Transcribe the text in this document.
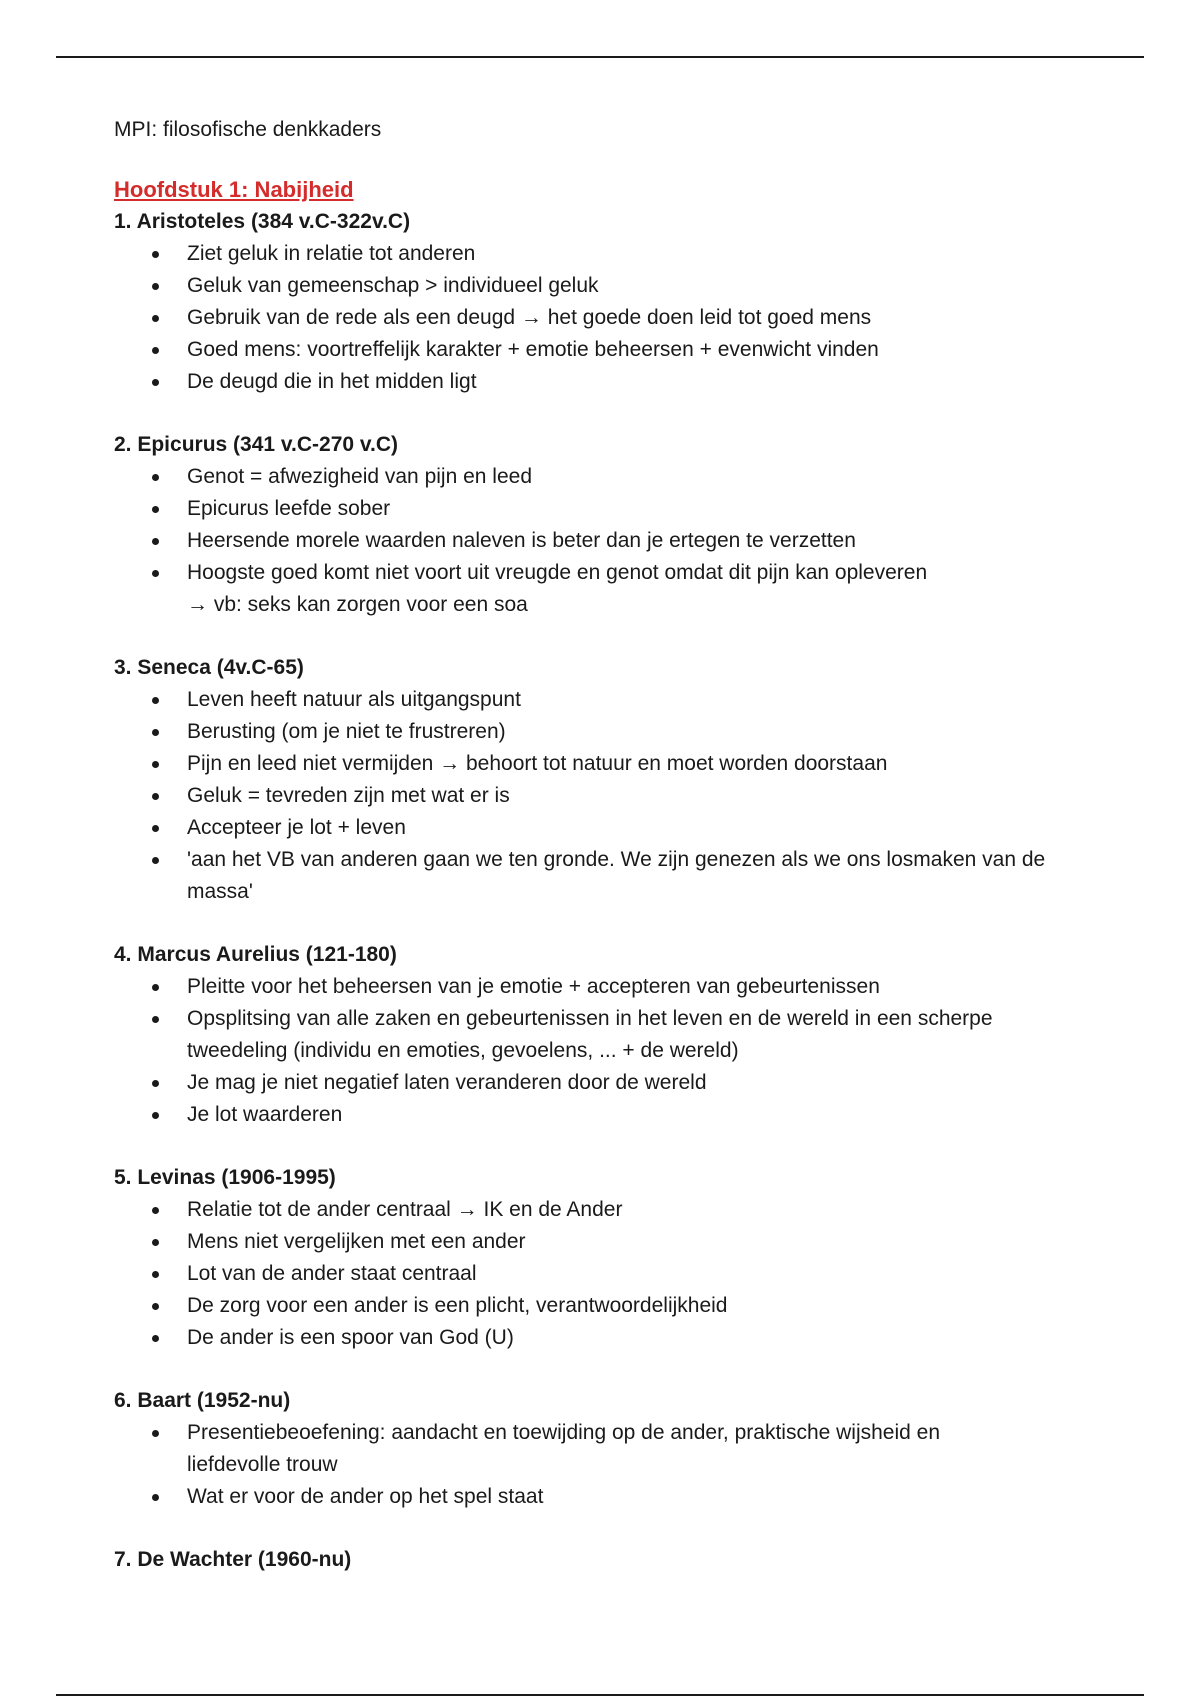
MPI: filosofische denkkaders

Hoofdstuk 1: Nabijheid

1. Aristoteles (384 v.C-322v.C)

Ziet geluk in relatie tot anderen
Geluk van gemeenschap > individueel geluk
Gebruik van de rede als een deugd → het goede doen leid tot goed mens
Goed mens: voortreffelijk karakter + emotie beheersen + evenwicht vinden
De deugd die in het midden ligt

2. Epicurus (341 v.C-270 v.C)

Genot = afwezigheid van pijn en leed
Epicurus leefde sober
Heersende morele waarden naleven is beter dan je ertegen te verzetten
Hoogste goed komt niet voort uit vreugde en genot omdat dit pijn kan opleveren
→ vb: seks kan zorgen voor een soa

3. Seneca (4v.C-65)

Leven heeft natuur als uitgangspunt
Berusting (om je niet te frustreren)
Pijn en leed niet vermijden → behoort tot natuur en moet worden doorstaan
Geluk = tevreden zijn met wat er is
Accepteer je lot + leven
'aan het VB van anderen gaan we ten gronde. We zijn genezen als we ons losmaken van de
massa'

4. Marcus Aurelius (121-180)

Pleitte voor het beheersen van je emotie + accepteren van gebeurtenissen
Opsplitsing van alle zaken en gebeurtenissen in het leven en de wereld in een scherpe
tweedeling (individu en emoties, gevoelens, ... + de wereld)
Je mag je niet negatief laten veranderen door de wereld
Je lot waarderen

5. Levinas (1906-1995)

Relatie tot de ander centraal → IK en de Ander
Mens niet vergelijken met een ander
Lot van de ander staat centraal
De zorg voor een ander is een plicht, verantwoordelijkheid
De ander is een spoor van God (U)

6. Baart (1952-nu)

Presentiebeoefening: aandacht en toewijding op de ander, praktische wijsheid en
liefdevolle trouw
Wat er voor de ander op het spel staat

7. De Wachter (1960-nu)
